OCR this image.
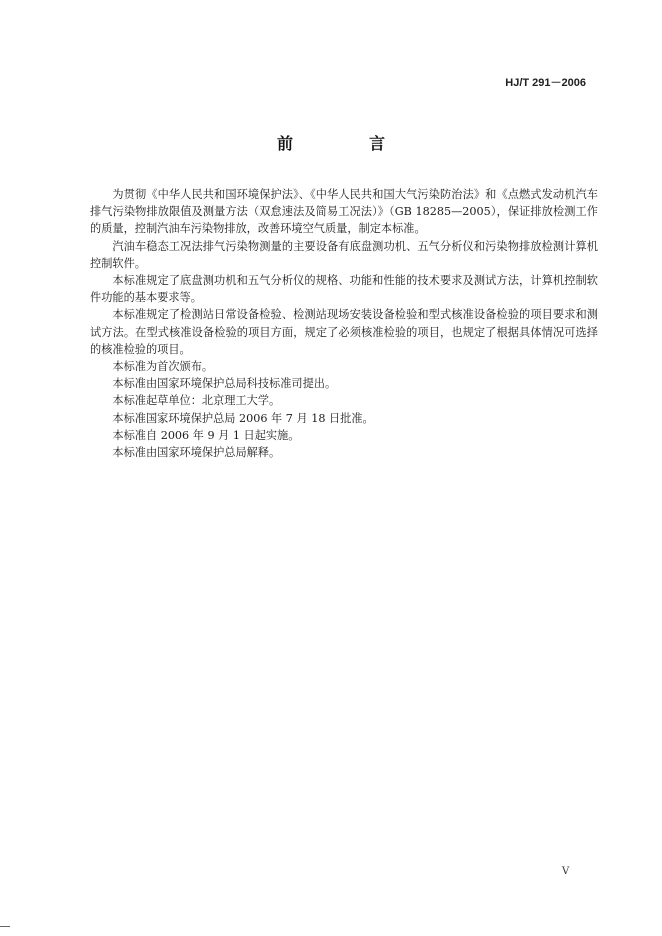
HJ/T 291－2006
前　言

为贯彻《中华人民共和国环境保护法》、《中华人民共和国大气污染防治法》和《点燃式发动机汽车排气污染物排放限值及测量方法（双怠速法及简易工况法）》（GB 18285—2005），保证排放检测工作的质量，控制汽油车污染物排放，改善环境空气质量，制定本标准。

汽油车稳态工况法排气污染物测量的主要设备有底盘测功机、五气分析仪和污染物排放检测计算机控制软件。

本标准规定了底盘测功机和五气分析仪的规格、功能和性能的技术要求及测试方法，计算机控制软件功能的基本要求等。

本标准规定了检测站日常设备检验、检测站现场安装设备检验和型式核准设备检验的项目要求和测试方法。在型式核准设备检验的项目方面，规定了必须核准检验的项目，也规定了根据具体情况可选择的核准检验的项目。

本标准为首次颁布。

本标准由国家环境保护总局科技标准司提出。

本标准起草单位：北京理工大学。

本标准国家环境保护总局 2006 年 7 月 18 日批准。

本标准自 2006 年 9 月 1 日起实施。

本标准由国家环境保护总局解释。

V
